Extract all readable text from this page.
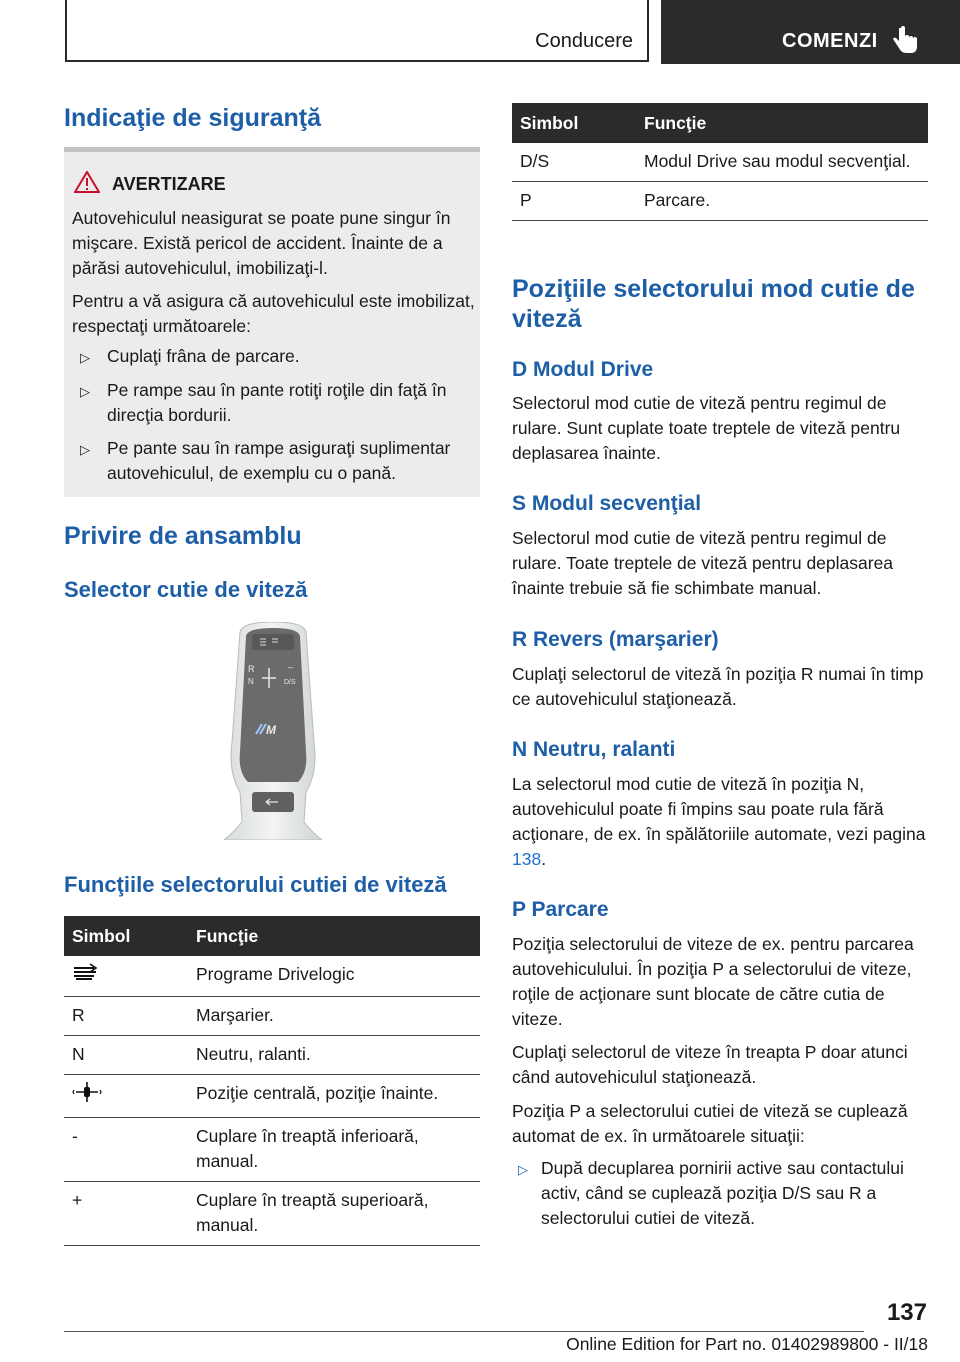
Conducere	COMENZI
Indicaţie de siguranţă
AVERTIZARE
Autovehiculul neasigurat se poate pune singur în mişcare. Există pericol de accident. Înainte de a părăsi autovehiculul, imobilizaţi-l.
Pentru a vă asigura că autovehiculul este imobilizat, respectaţi următoarele:
▷ Cuplaţi frâna de parcare.
▷ Pe rampe sau în pante rotiţi roţile din faţă în direcţia bordurii.
▷ Pe pante sau în rampe asiguraţi suplimentar autovehiculul, de exemplu cu o pană.
Privire de ansamblu
Selector cutie de viteză
R
N	D/S
–
M
Funcţiile selectorului cutiei de viteză
Simbol	Funcţie
	Programe Drivelogic
R	Marşarier.
N	Neutru, ralanti.
	Poziţie centrală, poziţie înainte.
-	Cuplare în treaptă inferioară, manual.
+	Cuplare în treaptă superioară, manual.
Simbol	Funcţie
D/S	Modul Drive sau modul secvenţial.
P	Parcare.
Poziţiile selectorului mod cutie de viteză
D Modul Drive
Selectorul mod cutie de viteză pentru regimul de rulare. Sunt cuplate toate treptele de viteză pentru deplasarea înainte.
S Modul secvenţial
Selectorul mod cutie de viteză pentru regimul de rulare. Toate treptele de viteză pentru deplasarea înainte trebuie să fie schimbate manual.
R Revers (marşarier)
Cuplaţi selectorul de viteză în poziţia R numai în timp ce autovehiculul staţionează.
N Neutru, ralanti
La selectorul mod cutie de viteză în poziţia N, autovehiculul poate fi împins sau poate rula fără acţionare, de ex. în spălătoriile automate, vezi pagina 138.
P Parcare
Poziţia selectorului de viteze de ex. pentru parcarea autovehiculului. În poziţia P a selectorului de viteze, roţile de acţionare sunt blocate de către cutia de viteze.
Cuplaţi selectorul de viteze în treapta P doar atunci când autovehiculul staţionează.
Poziţia P a selectorului cutiei de viteză se cuplează automat de ex. în următoarele situaţii:
▷ După decuplarea pornirii active sau contactului activ, când se cuplează poziţia D/S sau R a selectorului cutiei de viteză.
137
Online Edition for Part no. 01402989800 - II/18
